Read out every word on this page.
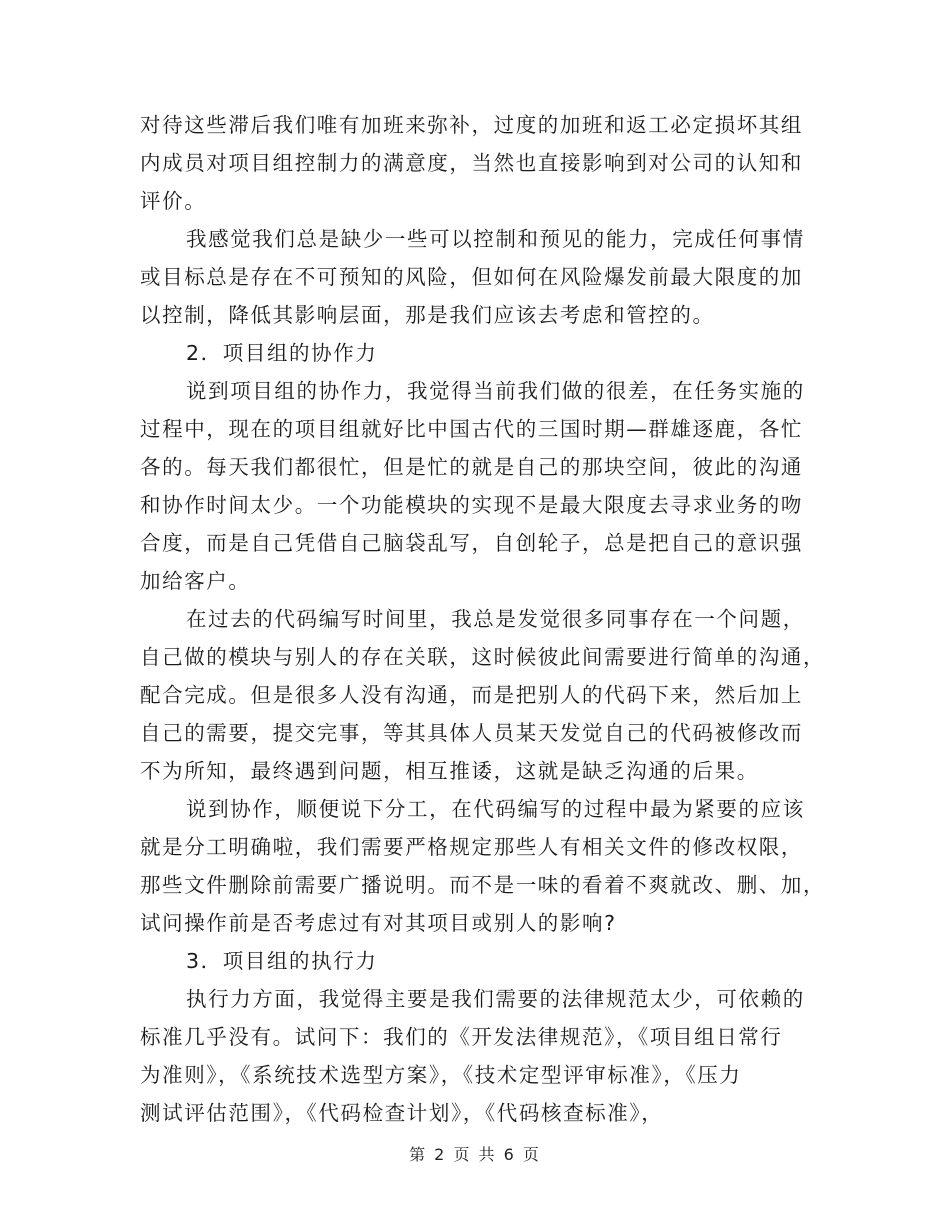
对待这些滞后我们唯有加班来弥补，过度的加班和返工必定损坏其组
内成员对项目组控制力的满意度，当然也直接影响到对公司的认知和
评价。
我感觉我们总是缺少一些可以控制和预见的能力，完成任何事情
或目标总是存在不可预知的风险，但如何在风险爆发前最大限度的加
以控制，降低其影响层面，那是我们应该去考虑和管控的。
2．项目组的协作力
说到项目组的协作力，我觉得当前我们做的很差，在任务实施的
过程中，现在的项目组就好比中国古代的三国时期—群雄逐鹿，各忙
各的。每天我们都很忙，但是忙的就是自己的那块空间，彼此的沟通
和协作时间太少。一个功能模块的实现不是最大限度去寻求业务的吻
合度，而是自己凭借自己脑袋乱写，自创轮子，总是把自己的意识强
加给客户。
在过去的代码编写时间里，我总是发觉很多同事存在一个问题，
自己做的模块与别人的存在关联，这时候彼此间需要进行简单的沟通，
配合完成。但是很多人没有沟通，而是把别人的代码下来，然后加上
自己的需要，提交完事，等其具体人员某天发觉自己的代码被修改而
不为所知，最终遇到问题，相互推诿，这就是缺乏沟通的后果。
说到协作，顺便说下分工，在代码编写的过程中最为紧要的应该
就是分工明确啦，我们需要严格规定那些人有相关文件的修改权限，
那些文件删除前需要广播说明。而不是一味的看着不爽就改、删、加，
试问操作前是否考虑过有对其项目或别人的影响?
3．项目组的执行力
执行力方面，我觉得主要是我们需要的法律规范太少，可依赖的
标准几乎没有。试问下：我们的《开发法律规范》，《项目组日常行
为准则》，《系统技术选型方案》，《技术定型评审标准》，《压力
测试评估范围》，《代码检查计划》，《代码核查标准》，
第 2 页 共 6 页
